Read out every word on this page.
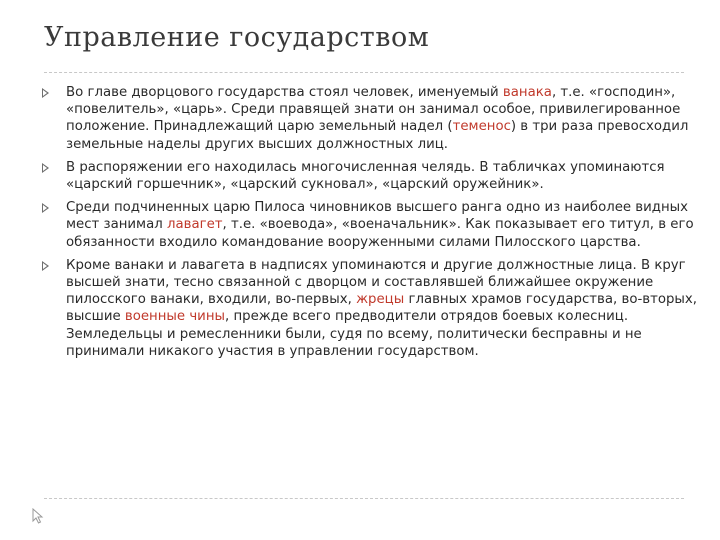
Управление государством
Во главе дворцового государства стоял человек, именуемый ванака, т.е. «господин», «повелитель», «царь». Среди правящей знати он занимал особое, привилегированное положение. Принадлежащий царю земельный надел (теменос) в три раза превосходил земельные наделы других высших должностных лиц.
В распоряжении его находилась многочисленная челядь. В табличках упоминаются «царский горшечник», «царский сукновал», «царский оружейник».
Среди подчиненных царю Пилоса чиновников высшего ранга одно из наиболее видных мест занимал лавагет, т.е. «воевода», «военачальник». Как показывает его титул, в его обязанности входило командование вооруженными силами Пилосского царства.
Кроме ванаки и лавагета в надписях упоминаются и другие должностные лица. В круг высшей знати, тесно связанной с дворцом и составлявшей ближайшее окружение пилосского ванаки, входили, во-первых, жрецы главных храмов государства, во-вторых, высшие военные чины, прежде всего предводители отрядов боевых колесниц. Земледельцы и ремесленники были, судя по всему, политически бесправны и не принимали никакого участия в управлении государством.
